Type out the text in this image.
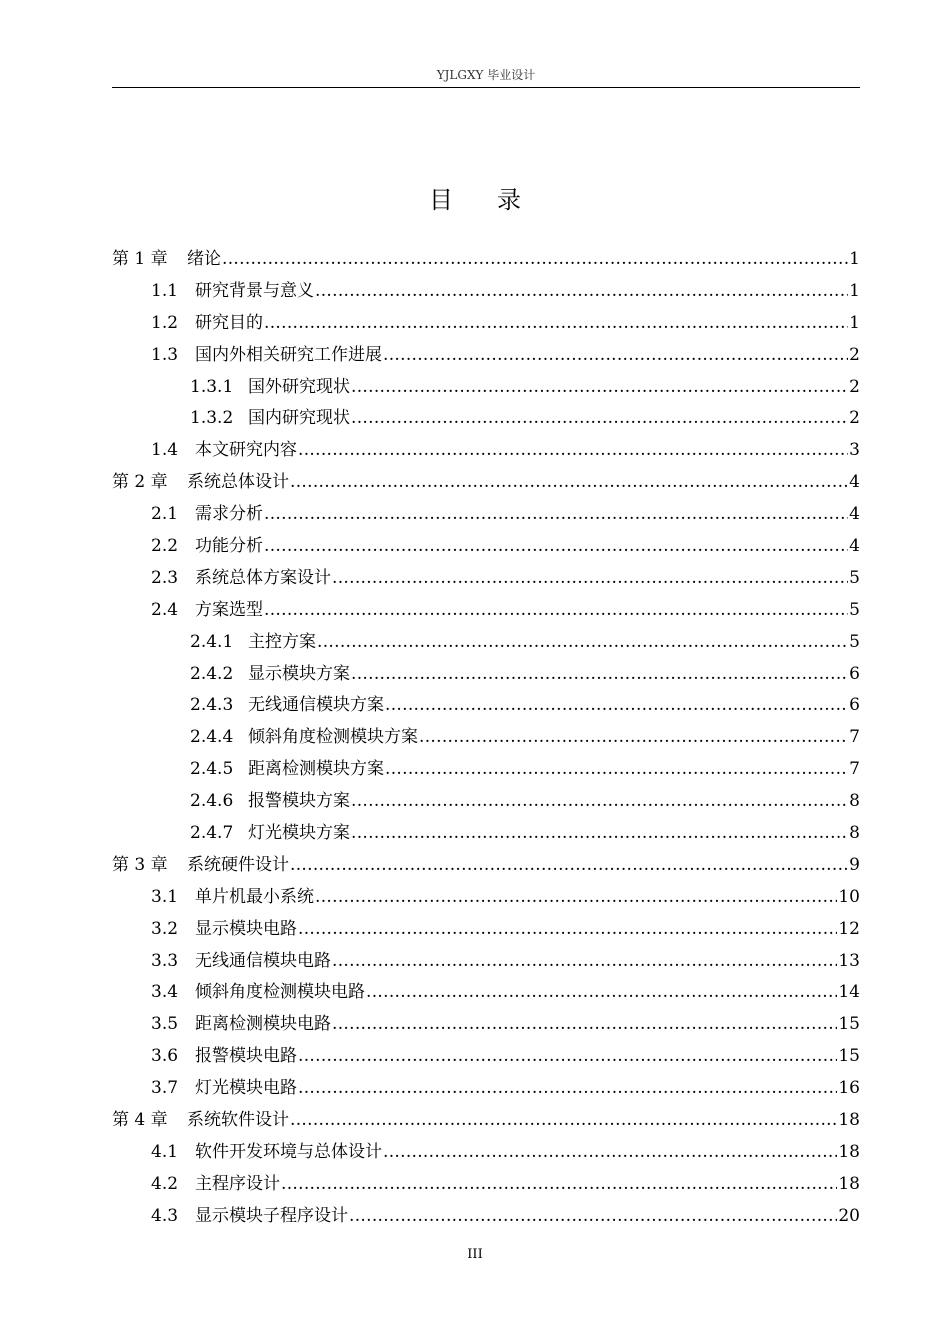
YJLGXY 毕业设计
目录
第 1 章	绪论 .....	1
1.1 研究背景与意义 .....	1
1.2 研究目的 .....	1
1.3 国内外相关研究工作进展 .....	2
1.3.1 国外研究现状 .....	2
1.3.2 国内研究现状 .....	2
1.4 本文研究内容 .....	3
第 2 章	系统总体设计 .....	4
2.1 需求分析 .....	4
2.2 功能分析 .....	4
2.3 系统总体方案设计 .....	5
2.4 方案选型 .....	5
2.4.1 主控方案 .....	5
2.4.2 显示模块方案 .....	6
2.4.3 无线通信模块方案 .....	6
2.4.4 倾斜角度检测模块方案 .....	7
2.4.5 距离检测模块方案 .....	7
2.4.6 报警模块方案 .....	8
2.4.7 灯光模块方案 .....	8
第 3 章	系统硬件设计 .....	9
3.1 单片机最小系统 .....	10
3.2 显示模块电路 .....	12
3.3 无线通信模块电路 .....	13
3.4 倾斜角度检测模块电路 .....	14
3.5 距离检测模块电路 .....	15
3.6 报警模块电路 .....	15
3.7 灯光模块电路 .....	16
第 4 章	系统软件设计 .....	18
4.1 软件开发环境与总体设计 .....	18
4.2 主程序设计 .....	18
4.3 显示模块子程序设计 .....	20
III
